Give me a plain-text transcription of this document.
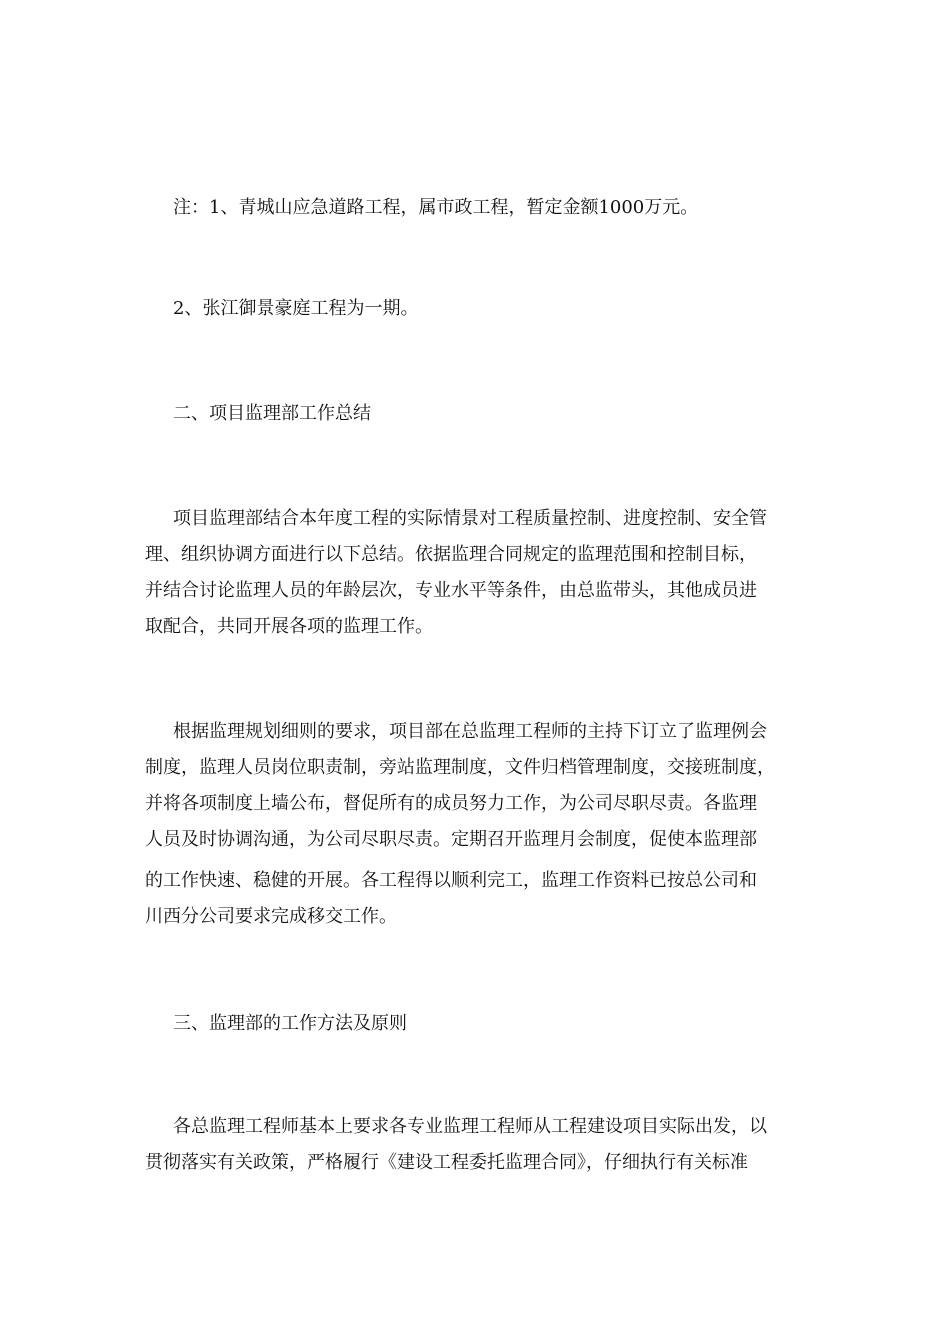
注：1、青城山应急道路工程，属市政工程，暂定金额1000万元。

2、张江御景豪庭工程为一期。

二、项目监理部工作总结

项目监理部结合本年度工程的实际情景对工程质量控制、进度控制、安全管

理、组织协调方面进行以下总结。依据监理合同规定的监理范围和控制目标，

并结合讨论监理人员的年龄层次，专业水平等条件，由总监带头，其他成员进

取配合，共同开展各项的监理工作。

根据监理规划细则的要求，项目部在总监理工程师的主持下订立了监理例会

制度，监理人员岗位职责制，旁站监理制度，文件归档管理制度，交接班制度，

并将各项制度上墙公布，督促所有的成员努力工作，为公司尽职尽责。各监理

人员及时协调沟通，为公司尽职尽责。定期召开监理月会制度，促使本监理部

的工作快速、稳健的开展。各工程得以顺利完工，监理工作资料已按总公司和

川西分公司要求完成移交工作。

三、监理部的工作方法及原则

各总监理工程师基本上要求各专业监理工程师从工程建设项目实际出发，以

贯彻落实有关政策，严格履行《建设工程委托监理合同》，仔细执行有关标准
